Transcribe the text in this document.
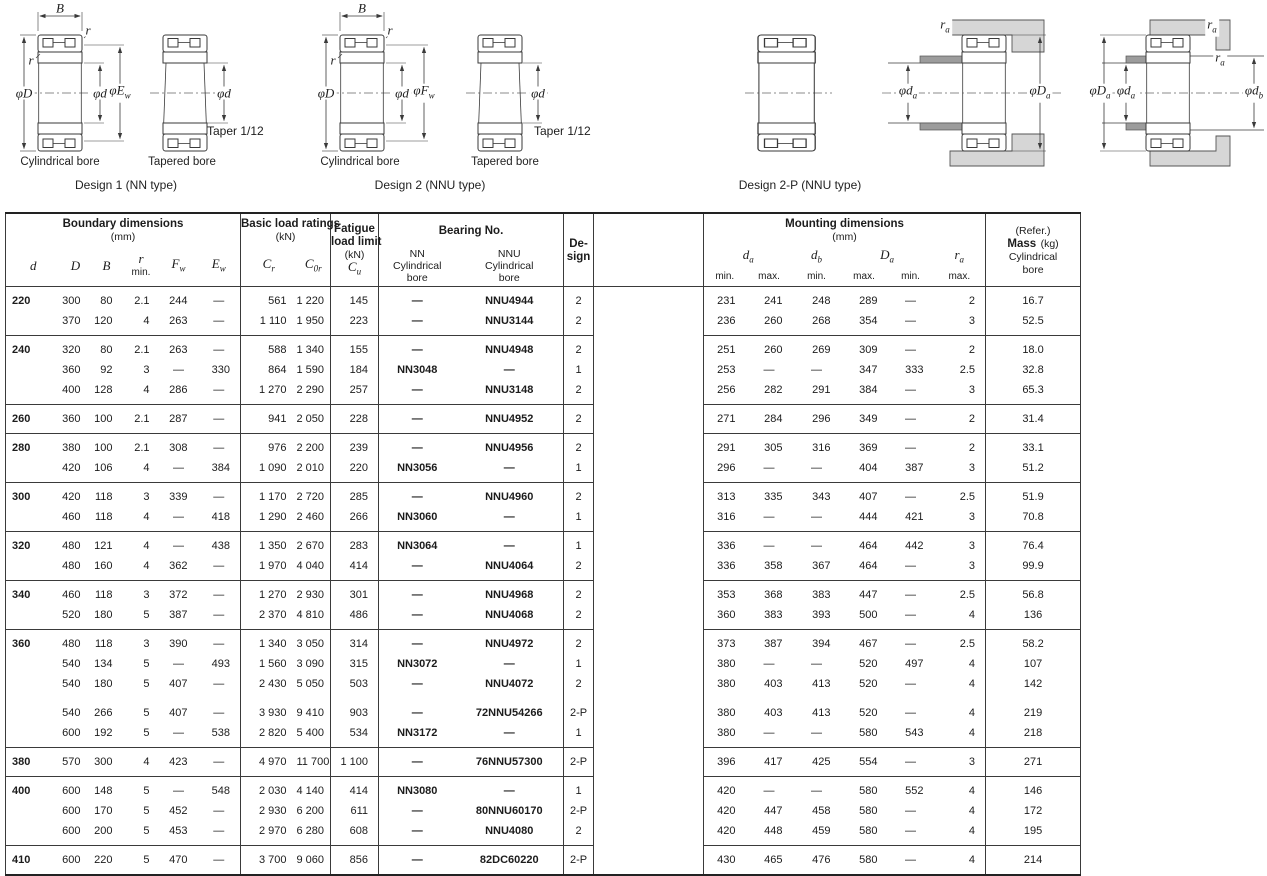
B
r
r
φD	φd $\varphi E_w$	φd
Taper 1/12
B
r
r
φD	φd $\varphi F_w$	φd
Taper 1/12
$r_a$
$\varphi d_a$	$\varphi D_a$
$r_a$
$r_a$
$\varphi D_a$ $\varphi d_a$	$\varphi d_b$
Cylindrical bore	Tapered bore	Cylindrical bore	Tapered bore
Design 1 (NN type)	Design 2 (NNU type)	Design 2-P (NNU type)
Boundary dimensions
(mm)						Basic load ratings
(kN)		Fatigue
load limit
(kN)
$C_u$	Bearing No.		De-
sign		Mounting dimensions
(mm)						(Refer.)
Mass (kg)
Cylindrical
bore
d	D	B	r
min.	$F_w$	$E_w$	$C_r$	$C_{0r}$		NN
Cylindrical
bore	NNU
Cylindrical
bore			$d_a$		$d_b$	$D_a$		$r_a$
													min.	max.	min.	max.	min.	max.	
220	300	80	2.1	244	—	561	1 220	145	—	NNU4944	2		231	241	248	289	—	2	16.7
	370	120	4	263	—	1 110	1 950	223	—	NNU3144	2		236	260	268	354	—	3	52.5
240	320	80	2.1	263	—	588	1 340	155	—	NNU4948	2		251	260	269	309	—	2	18.0
	360	92	3	—	330	864	1 590	184	NN3048	—	1		253	—	—	347	333	2.5	32.8
	400	128	4	286	—	1 270	2 290	257	—	NNU3148	2		256	282	291	384	—	3	65.3
260	360	100	2.1	287	—	941	2 050	228	—	NNU4952	2		271	284	296	349	—	2	31.4
280	380	100	2.1	308	—	976	2 200	239	—	NNU4956	2		291	305	316	369	—	2	33.1
	420	106	4	—	384	1 090	2 010	220	NN3056	—	1		296	—	—	404	387	3	51.2
300	420	118	3	339	—	1 170	2 720	285	—	NNU4960	2		313	335	343	407	—	2.5	51.9
	460	118	4	—	418	1 290	2 460	266	NN3060	—	1		316	—	—	444	421	3	70.8
320	480	121	4	—	438	1 350	2 670	283	NN3064	—	1		336	—	—	464	442	3	76.4
	480	160	4	362	—	1 970	4 040	414	—	NNU4064	2		336	358	367	464	—	3	99.9
340	460	118	3	372	—	1 270	2 930	301	—	NNU4968	2		353	368	383	447	—	2.5	56.8
	520	180	5	387	—	2 370	4 810	486	—	NNU4068	2		360	383	393	500	—	4	136
360	480	118	3	390	—	1 340	3 050	314	—	NNU4972	2		373	387	394	467	—	2.5	58.2
	540	134	5	—	493	1 560	3 090	315	NN3072	—	1		380	—	—	520	497	4	107
	540	180	5	407	—	2 430	5 050	503	—	NNU4072	2		380	403	413	520	—	4	142
	540	266	5	407	—	3 930	9 410	903	—	72NNU54266	2-P		380	403	413	520	—	4	219
	600	192	5	—	538	2 820	5 400	534	NN3172	—	1		380	—	—	580	543	4	218
380	570	300	4	423	—	4 970	11 700	1 100	—	76NNU57300	2-P		396	417	425	554	—	3	271
400	600	148	5	—	548	2 030	4 140	414	NN3080	—	1		420	—	—	580	552	4	146
	600	170	5	452	—	2 930	6 200	611	—	80NNU60170	2-P		420	447	458	580	—	4	172
	600	200	5	453	—	2 970	6 280	608	—	NNU4080	2		420	448	459	580	—	4	195
410	600	220	5	470	—	3 700	9 060	856	—	82DC60220	2-P		430	465	476	580	—	4	214
